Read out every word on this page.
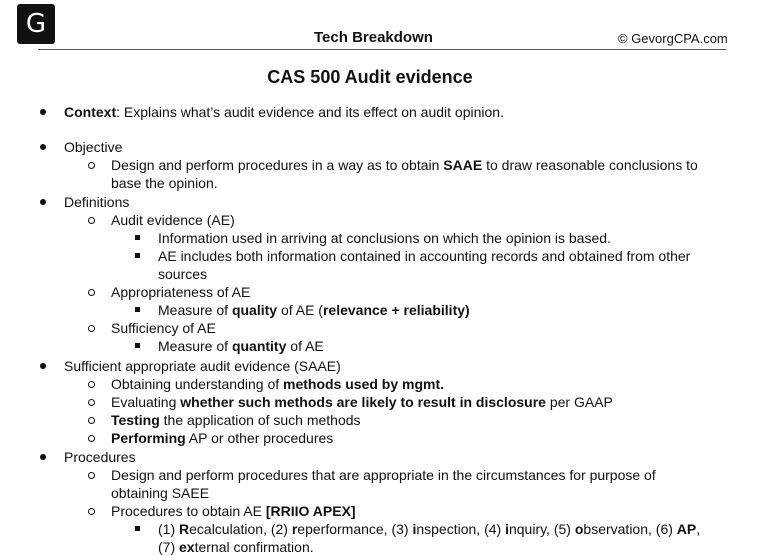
G	Tech Breakdown	© GevorgCPA.com
CAS 500 Audit evidence
Context: Explains what’s audit evidence and its effect on audit opinion.
Objective
Design and perform procedures in a way as to obtain SAAE to draw reasonable conclusions to
base the opinion.
Definitions
Audit evidence (AE)
Information used in arriving at conclusions on which the opinion is based.
AE includes both information contained in accounting records and obtained from other
sources
Appropriateness of AE
Measure of quality of AE (relevance + reliability)
Sufficiency of AE
Measure of quantity of AE
Sufficient appropriate audit evidence (SAAE)
Obtaining understanding of methods used by mgmt.
Evaluating whether such methods are likely to result in disclosure per GAAP
Testing the application of such methods
Performing AP or other procedures
Procedures
Design and perform procedures that are appropriate in the circumstances for purpose of
obtaining SAEE
Procedures to obtain AE [RRIIO APEX]
(1) Recalculation, (2) reperformance, (3) inspection, (4) inquiry, (5) observation, (6) AP,
(7) external confirmation.
